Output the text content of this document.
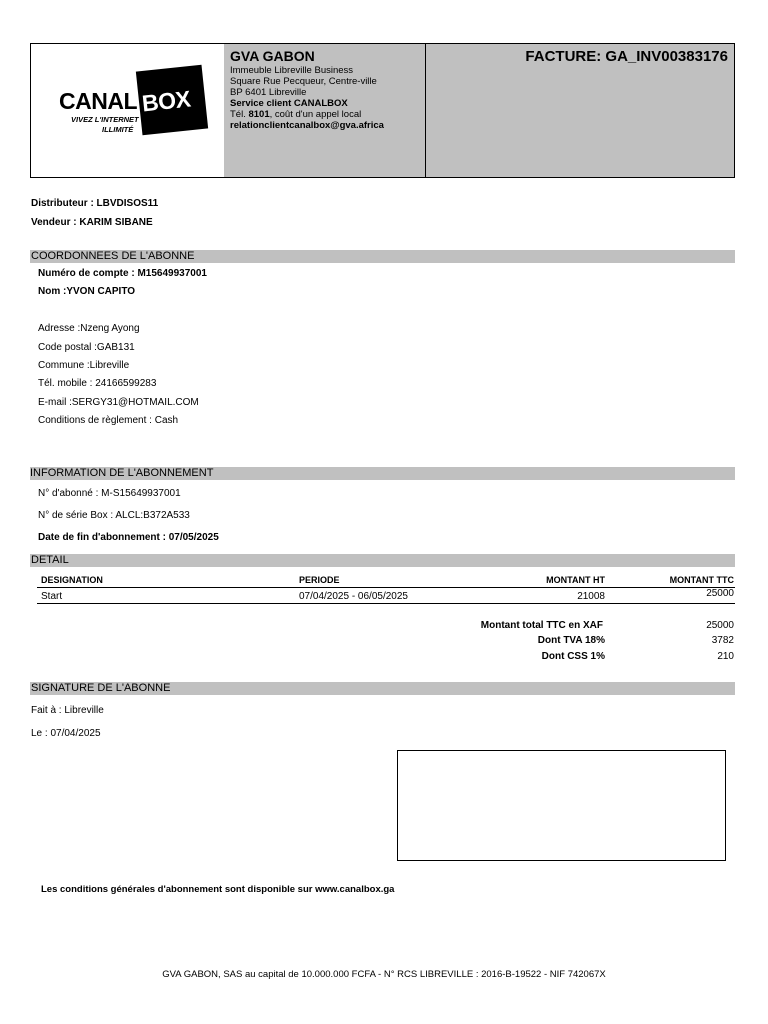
CANAL BOX
VIVEZ L'INTERNET
ILLIMITÉ
GVA GABON
Immeuble Libreville Business
Square Rue Pecqueur, Centre-ville
BP 6401 Libreville
Service client CANALBOX
Tél. 8101, coût d'un appel local
relationclientcanalbox@gva.africa
FACTURE: GA_INV00383176
Distributeur : LBVDISOS11
Vendeur : KARIM SIBANE
COORDONNEES DE L'ABONNE
Numéro de compte : M15649937001
Nom :YVON CAPITO
Adresse :Nzeng Ayong
Code postal :GAB131
Commune :Libreville
Tél. mobile : 24166599283
E-mail :SERGY31@HOTMAIL.COM
Conditions de règlement : Cash
INFORMATION DE L'ABONNEMENT
N° d'abonné : M-S15649937001
N° de série Box : ALCL:B372A533
Date de fin d'abonnement : 07/05/2025
DETAIL
DESIGNATION	PERIODE	MONTANT HT	MONTANT TTC
Start	07/04/2025 - 06/05/2025	21008	25000
Montant total TTC en XAF	25000
Dont TVA 18%	3782
Dont CSS 1%	210
SIGNATURE DE L'ABONNE
Fait à : Libreville
Le : 07/04/2025
Les conditions générales d'abonnement sont disponible sur www.canalbox.ga
GVA GABON, SAS au capital de 10.000.000 FCFA - N° RCS LIBREVILLE : 2016-B-19522 - NIF 742067X
